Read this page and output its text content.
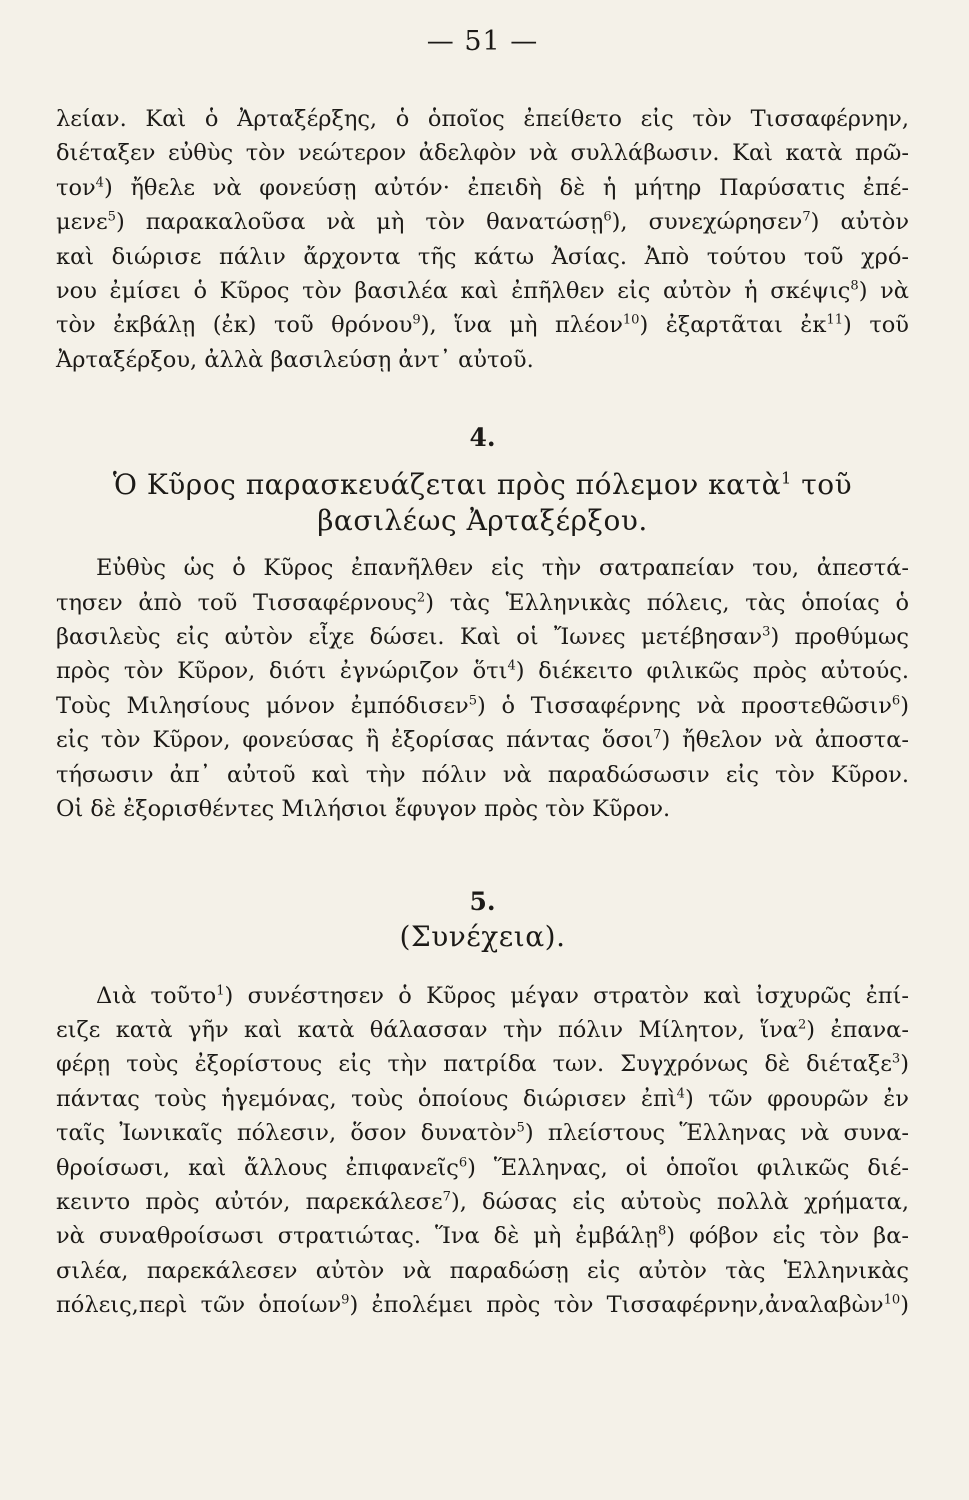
— 51 —
λείαν. Καὶ ὁ Ἀρταξέρξης, ὁ ὁποῖος ἐπείθετο εἰς τὸν Τισσαφέρνην,
διέταξεν εὐθὺς τὸν νεώτερον ἀδελφὸν νὰ συλλάβωσιν. Καὶ κατὰ πρῶ-
τον$^4$) ἤθελε νὰ φονεύσῃ αὐτόν· ἐπειδὴ δὲ ἡ μήτηρ Παρύσατις ἐπέ-
μενε$^5$) παρακαλοῦσα νὰ μὴ τὸν θανατώσῃ$^6$), συνεχώρησεν$^7$) αὐτὸν
καὶ διώρισε πάλιν ἄρχοντα τῆς κάτω Ἀσίας. Ἀπὸ τούτου τοῦ χρό-
νου ἐμίσει ὁ Κῦρος τὸν βασιλέα καὶ ἐπῆλθεν εἰς αὐτὸν ἡ σκέψις$^8$) νὰ
τὸν ἐκβάλῃ (ἐκ) τοῦ θρόνου$^9$), ἵνα μὴ πλέον$^{10}$) ἐξαρτᾶται ἐκ$^{11}$) τοῦ
Ἀρταξέρξου, ἀλλὰ βασιλεύσῃ ἀντ᾽ αὐτοῦ.
4.
Ὁ Κῦρος παρασκευάζεται πρὸς πόλεμον κατὰ$^1$ τοῦ
βασιλέως Ἀρταξέρξου.
Εὐθὺς ὡς ὁ Κῦρος ἐπανῆλθεν εἰς τὴν σατραπείαν του, ἀπεστά-
τησεν ἀπὸ τοῦ Τισσαφέρνους$^2$) τὰς Ἑλληνικὰς πόλεις, τὰς ὁποίας ὁ
βασιλεὺς εἰς αὐτὸν εἶχε δώσει. Καὶ οἱ Ἴωνες μετέβησαν$^3$) προθύμως
πρὸς τὸν Κῦρον, διότι ἐγνώριζον ὅτι$^4$) διέκειτο φιλικῶς πρὸς αὐτούς.
Τοὺς Μιλησίους μόνον ἐμπόδισεν$^5$) ὁ Τισσαφέρνης νὰ προστεθῶσιν$^6$)
εἰς τὸν Κῦρον, φονεύσας ἢ ἐξορίσας πάντας ὅσοι$^7$) ἤθελον νὰ ἀποστα-
τήσωσιν ἀπ᾽ αὐτοῦ καὶ τὴν πόλιν νὰ παραδώσωσιν εἰς τὸν Κῦρον.
Οἱ δὲ ἐξορισθέντες Μιλήσιοι ἔφυγον πρὸς τὸν Κῦρον.
5.
(Συνέχεια).
Διὰ τοῦτο$^1$) συνέστησεν ὁ Κῦρος μέγαν στρατὸν καὶ ἰσχυρῶς ἐπί-
ειζε κατὰ γῆν καὶ κατὰ θάλασσαν τὴν πόλιν Μίλητον, ἵνα$^2$) ἐπανα-
φέρῃ τοὺς ἐξορίστους εἰς τὴν πατρίδα των. Συγχρόνως δὲ διέταξε$^3$)
πάντας τοὺς ἡγεμόνας, τοὺς ὁποίους διώρισεν ἐπὶ$^4$) τῶν φρουρῶν ἐν
ταῖς Ἰωνικαῖς πόλεσιν, ὅσον δυνατὸν$^5$) πλείστους Ἕλληνας νὰ συνα-
θροίσωσι, καὶ ἄλλους ἐπιφανεῖς$^6$) Ἕλληνας, οἱ ὁποῖοι φιλικῶς διέ-
κειντο πρὸς αὐτόν, παρεκάλεσε$^7$), δώσας εἰς αὐτοὺς πολλὰ χρήματα,
νὰ συναθροίσωσι στρατιώτας. Ἵνα δὲ μὴ ἐμβάλῃ$^8$) φόβον εἰς τὸν βα-
σιλέα, παρεκάλεσεν αὐτὸν νὰ παραδώσῃ εἰς αὐτὸν τὰς Ἑλληνικὰς
πόλεις,περὶ τῶν ὁποίων$^9$) ἐπολέμει πρὸς τὸν Τισσαφέρνην,ἀναλαβὼν$^{10}$)
